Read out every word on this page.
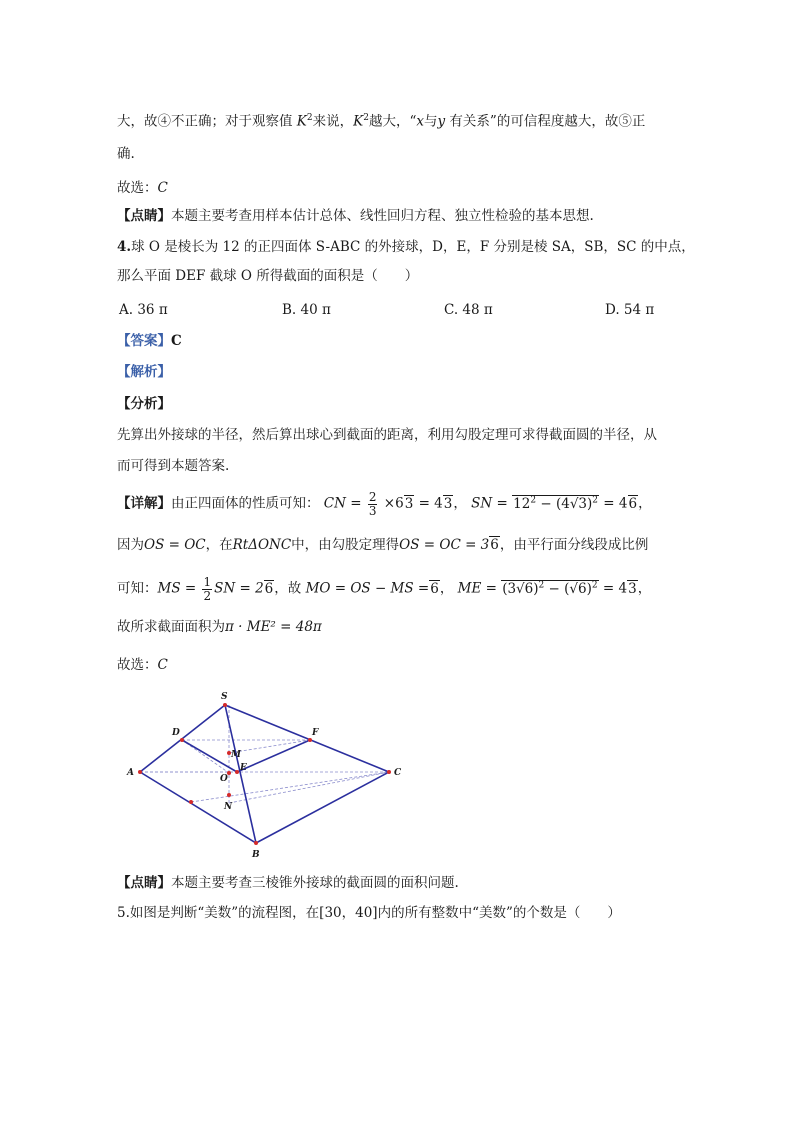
大，故④不正确；对于观察值 $K^2$来说，$K^2$越大，“x与y 有关系”的可信程度越大，故⑤正
确.
故选：C
【点睛】本题主要考查用样本估计总体、线性回归方程、独立性检验的基本思想.
4.球 O 是棱长为 12 的正四面体 S-ABC 的外接球，D，E，F 分别是棱 SA，SB，SC 的中点，
那么平面 DEF 截球 O 所得截面的面积是（　　）
A. 36 π	B. 40 π	C. 48 π	D. 54 π
【答案】C
【解析】
【分析】
先算出外接球的半径，然后算出球心到截面的距离，利用勾股定理可求得截面圆的半径，从
而可得到本题答案.
【详解】由正四面体的性质可知： CN = $\frac{2}{3} \times 63 = 43$， SN = $12^2 - (4√3)^2 = 46$，
因为OS = OC，在RtΔONC中，由勾股定理得OS = OC = 36，由平行面分线段成比例
可知：MS = $\frac{1}{2}$ SN = 26，故 MO = OS − MS =6， ME = $(3√6)^2 - (√6)^2 = 43$，
故所求截面面积为π · ME² = 48π
故选：C
S
D	F
M
A
O
E	C
N
B
【点睛】本题主要考查三棱锥外接球的截面圆的面积问题.
5.如图是判断“美数”的流程图，在[30，40]内的所有整数中“美数”的个数是（　　）
